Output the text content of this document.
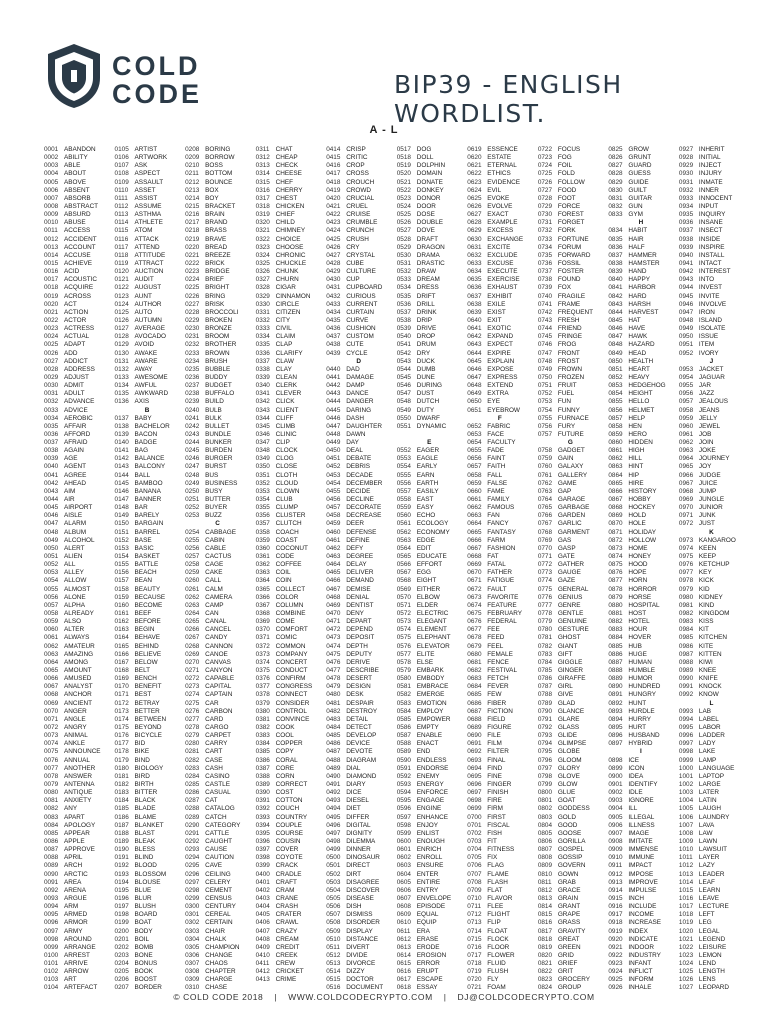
COLD
CODE	BIP39 - ENGLISH WORDLIST.
A - L
0001 ABANDON
0002 ABILITY
0003 ABLE
0004 ABOUT
0005 ABOVE
0006 ABSENT
0007 ABSORB
0008 ABSTRACT
0009 ABSURD
0010 ABUSE
0011 ACCESS
0012 ACCIDENT
0013 ACCOUNT
0014 ACCUSE
0015 ACHIEVE
0016 ACID
0017 ACOUSTIC
0018 ACQUIRE
0019 ACROSS
0020 ACT
0021 ACTION
0022 ACTOR
0023 ACTRESS
0024 ACTUAL
0025 ADAPT
0026 ADD
0027 ADDICT
0028 ADDRESS
0029 ADJUST
0030 ADMIT
0031 ADULT
0032 ADVANCE
0033 ADVICE
0034 AEROBIC
0035 AFFAIR
0036 AFFORD
0037 AFRAID
0038 AGAIN
0039 AGE
0040 AGENT
0041 AGREE
0042 AHEAD
0043 AIM
0044 AIR
0045 AIRPORT
0046 AISLE
0047 ALARM
0048 ALBUM
0049 ALCOHOL
0050 ALERT
0051 ALIEN
0052 ALL
0053 ALLEY
0054 ALLOW
0055 ALMOST
0056 ALONE
0057 ALPHA
0058 ALREADY
0059 ALSO
0060 ALTER
0061 ALWAYS
0062 AMATEUR
0063 AMAZING
0064 AMONG
0065 AMOUNT
0066 AMUSED
0067 ANALYST
0068 ANCHOR
0069 ANCIENT
0070 ANGER
0071 ANGLE
0072 ANGRY
0073 ANIMAL
0074 ANKLE
0075 ANNOUNCE
0076 ANNUAL
0077 ANOTHER
0078 ANSWER
0079 ANTENNA
0080 ANTIQUE
0081 ANXIETY
0082 ANY
0083 APART
0084 APOLOGY
0085 APPEAR
0086 APPLE
0087 APPROVE
0088 APRIL
0089 ARCH
0090 ARCTIC
0091 AREA
0092 ARENA
0093 ARGUE
0094 ARM
0095 ARMED
0096 ARMOR
0097 ARMY
0098 AROUND
0099 ARRANGE
0100 ARREST
0101 ARRIVE
0102 ARROW
0103 ART
0104 ARTEFACT
0105 ARTIST
0106 ARTWORK
0107 ASK
0108 ASPECT
0109 ASSAULT
0110 ASSET
0111	ASSIST
0112 ASSUME
0113 ASTHMA
0114 ATHLETE
0115 ATOM
0116 ATTACK
0117 ATTEND
0118 ATTITUDE
0119 ATTRACT
0120 AUCTION
0121 AUDIT
0122 AUGUST
0123 AUNT
0124 AUTHOR
0125 AUTO
0126 AUTUMN
0127 AVERAGE
0128 AVOCADO
0129 AVOID
0130 AWAKE
0131 AWARE
0132 AWAY
0133 AWESOME
0134 AWFUL
0135 AWKWARD
0136 AXIS
B
0137 BABY
0138 BACHELOR
0139 BACON
0140 BADGE
0141 BAG
0142 BALANCE
0143 BALCONY
0144 BALL
0145 BAMBOO
0146 BANANA
0147 BANNER
0148 BAR
0149 BARELY
0150 BARGAIN
0151 BARREL
0152 BASE
0153 BASIC
0154 BASKET
0155 BATTLE
0156 BEACH
0157 BEAN
0158 BEAUTY
0159 BECAUSE
0160 BECOME
0161 BEEF
0162 BEFORE
0163 BEGIN
0164 BEHAVE
0165 BEHIND
0166 BELIEVE
0167 BELOW
0168 BELT
0169 BENCH
0170 BENEFIT
0171 BEST
0172 BETRAY
0173 BETTER
0174 BETWEEN
0175 BEYOND
0176 BICYCLE
0177 BID
0178 BIKE
0179 BIND
0180 BIOLOGY
0181 BIRD
0182 BIRTH
0183 BITTER
0184 BLACK
0185 BLADE
0186 BLAME
0187 BLANKET
0188 BLAST
0189 BLEAK
0190 BLESS
0191 BLIND
0192 BLOOD
0193 BLOSSOM
0194 BLOUSE
0195 BLUE
0196 BLUR
0197 BLUSH
0198 BOARD
0199 BOAT
0200 BODY
0201 BOIL
0202 BOMB
0203 BONE
0204 BONUS
0205 BOOK
0206 BOOST
0207 BORDER
0208 BORING
0209 BORROW
0210 BOSS
0211 BOTTOM
0212 BOUNCE
0213 BOX
0214 BOY
0215 BRACKET
0216 BRAIN
0217 BRAND
0218 BRASS
0219 BRAVE
0220 BREAD
0221 BREEZE
0222 BRICK
0223 BRIDGE
0224 BRIEF
0225 BRIGHT
0226 BRING
0227 BRISK
0228 BROCCOLI
0229 BROKEN
0230 BRONZE
0231 BROOM
0232 BROTHER
0233 BROWN
0234 BRUSH
0235 BUBBLE
0236 BUDDY
0237 BUDGET
0238 BUFFALO
0239 BUILD
0240 BULB
0241 BULK
0242 BULLET
0243 BUNDLE
0244 BUNKER
0245 BURDEN
0246 BURGER
0247 BURST
0248 BUS
0249 BUSINESS
0250 BUSY
0251 BUTTER
0252 BUYER
0253 BUZZ
C
0254 CABBAGE
0255 CABIN
0256 CABLE
0257 CACTUS
0258 CAGE
0259 CAKE
0260 CALL
0261 CALM
0262 CAMERA
0263 CAMP
0264 CAN
0265 CANAL
0266 CANCEL
0267 CANDY
0268 CANNON
0269 CANOE
0270 CANVAS
0271 CANYON
0272 CAPABLE
0273 CAPITAL
0274 CAPTAIN
0275 CAR
0276 CARBON
0277 CARD
0278 CARGO
0279 CARPET
0280 CARRY
0281 CART
0282 CASE
0283 CASH
0284 CASINO
0285 CASTLE
0286 CASUAL
0287 CAT
0288 CATALOG
0289 CATCH
0290 CATEGORY
0291 CATTLE
0292 CAUGHT
0293 CAUSE
0294 CAUTION
0295 CAVE
0296 CEILING
0297 CELERY
0298 CEMENT
0299 CENSUS
0300 CENTURY
0301 CEREAL
0302 CERTAIN
0303 CHAIR
0304 CHALK
0305 CHAMPION
0306 CHANGE
0307 CHAOS
0308 CHAPTER
0309 CHARGE
0310 CHASE
0311 CHAT
0312 CHEAP
0313 CHECK
0314 CHEESE
0315 CHEF
0316 CHERRY
0317 CHEST
0318 CHICKEN
0319 CHIEF
0320 CHILD
0321 CHIMNEY
0322 CHOICE
0323 CHOOSE
0324 CHRONIC
0325 CHUCKLE
0326 CHUNK
0327 CHURN
0328 CIGAR
0329 CINNAMON
0330 CIRCLE
0331 CITIZEN
0332 CITY
0333 CIVIL
0334 CLAIM
0335 CLAP
0336 CLARIFY
0337 CLAW
0338 CLAY
0339 CLEAN
0340 CLERK
0341 CLEVER
0342 CLICK
0343 CLIENT
0344 CLIFF
0345 CLIMB
0346 CLINIC
0347 CLIP
0348 CLOCK
0349 CLOG
0350 CLOSE
0351 CLOTH
0352 CLOUD
0353 CLOWN
0354 CLUB
0355 CLUMP
0356 CLUSTER
0357 CLUTCH
0358 COACH
0359 COAST
0360 COCONUT
0361 CODE
0362 COFFEE
0363 COIL
0364 COIN
0365 COLLECT
0366 COLOR
0367 COLUMN
0368 COMBINE
0369 COME
0370 COMFORT
0371 COMIC
0372 COMMON
0373 COMPANY
0374 CONCERT
0375 CONDUCT
0376 CONFIRM
0377 CONGRESS
0378 CONNECT
0379 CONSIDER
0380 CONTROL
0381 CONVINCE
0382 COOK
0383 COOL
0384 COPPER
0385 COPY
0386 CORAL
0387 CORE
0388 CORN
0389 CORRECT
0390 COST
0391 COTTON
0392 COUCH
0393 COUNTRY
0394 COUPLE
0395 COURSE
0396 COUSIN
0397 COVER
0398 COYOTE
0399 CRACK
0400 CRADLE
0401 CRAFT
0402 CRAM
0403 CRANE
0404 CRASH
0405 CRATER
0406 CRAWL
0407 CRAZY
0408 CREAM
0409 CREDIT
0410 CREEK
0411 CREW
0412 CRICKET
0413 CRIME
0414 CRISP
0415 CRITIC
0416 CROP
0417 CROSS
0418 CROUCH
0419 CROWD
0420 CRUCIAL
0421 CRUEL
0422 CRUISE
0423 CRUMBLE
0424 CRUNCH
0425 CRUSH
0426 CRY
0427 CRYSTAL
0428 CUBE
0429 CULTURE
0430 CUP
0431 CUPBOARD
0432 CURIOUS
0433 CURRENT
0434 CURTAIN
0435 CURVE
0436 CUSHION
0437 CUSTOM
0438 CUTE
0439 CYCLE
D
0440 DAD
0441 DAMAGE
0442 DAMP
0443 DANCE
0444 DANGER
0445 DARING
0446 DASH
0447 DAUGHTER
0448 DAWN
0449 DAY
0450 DEAL
0451 DEBATE
0452 DEBRIS
0453 DECADE
0454 DECEMBER
0455 DECIDE
0456 DECLINE
0457 DECORATE
0458 DECREASE
0459 DEER
0460 DEFENSE
0461 DEFINE
0462 DEFY
0463 DEGREE
0464 DELAY
0465 DELIVER
0466 DEMAND
0467 DEMISE
0468 DENIAL
0469 DENTIST
0470 DENY
0471 DEPART
0472 DEPEND
0473 DEPOSIT
0474 DEPTH
0475 DEPUTY
0476 DERIVE
0477 DESCRIBE
0478 DESERT
0479 DESIGN
0480 DESK
0481 DESPAIR
0482 DESTROY
0483 DETAIL
0484 DETECT
0485 DEVELOP
0486 DEVICE
0487 DEVOTE
0488 DIAGRAM
0489 DIAL
0490 DIAMOND
0491 DIARY
0492 DICE
0493 DIESEL
0494 DIET
0495 DIFFER
0496 DIGITAL
0497 DIGNITY
0498 DILEMMA
0499 DINNER
0500 DINOSAUR
0501 DIRECT
0502 DIRT
0503 DISAGREE
0504 DISCOVER
0505 DISEASE
0506 DISH
0507 DISMISS
0508 DISORDER
0509 DISPLAY
0510 DISTANCE
0511 DIVERT
0512 DIVIDE
0513 DIVORCE
0514 DIZZY
0515 DOCTOR
0516 DOCUMENT
0517 DOG
0518 DOLL
0519 DOLPHIN
0520 DOMAIN
0521 DONATE
0522 DONKEY
0523 DONOR
0524 DOOR
0525 DOSE
0526 DOUBLE
0527 DOVE
0528 DRAFT
0529 DRAGON
0530 DRAMA
0531 DRASTIC
0532 DRAW
0533 DREAM
0534 DRESS
0535 DRIFT
0536 DRILL
0537 DRINK
0538 DRIP
0539 DRIVE
0540 DROP
0541 DRUM
0542 DRY
0543 DUCK
0544 DUMB
0545 DUNE
0546 DURING
0547 DUST
0548 DUTCH
0549 DUTY
0550 DWARF
0551 DYNAMIC
E
0552 EAGER
0553 EAGLE
0554 EARLY
0555 EARN
0556 EARTH
0557 EASILY
0558 EAST
0559 EASY
0560 ECHO
0561 ECOLOGY
0562 ECONOMY
0563 EDGE
0564 EDIT
0565 EDUCATE
0566 EFFORT
0567 EGG
0568 EIGHT
0569 EITHER
0570 ELBOW
0571 ELDER
0572 ELECTRIC
0573 ELEGANT
0574 ELEMENT
0575 ELEPHANT
0576 ELEVATOR
0577 ELITE
0578 ELSE
0579 EMBARK
0580 EMBODY
0581 EMBRACE
0582 EMERGE
0583 EMOTION
0584 EMPLOY
0585 EMPOWER
0586 EMPTY
0587 ENABLE
0588 ENACT
0589 END
0590 ENDLESS
0591 ENDORSE
0592 ENEMY
0593 ENERGY
0594 ENFORCE
0595 ENGAGE
0596 ENGINE
0597 ENHANCE
0598 ENJOY
0599 ENLIST
0600 ENOUGH
0601 ENRICH
0602 ENROLL
0603 ENSURE
0604 ENTER
0605 ENTIRE
0606 ENTRY
0607 ENVELOPE
0608 EPISODE
0609 EQUAL
0610 EQUIP
0611 ERA
0612 ERASE
0613 ERODE
0614 EROSION
0615 ERROR
0616 ERUPT
0617 ESCAPE
0618 ESSAY
0619 ESSENCE
0620 ESTATE
0621 ETERNAL
0622 ETHICS
0623 EVIDENCE
0624 EVIL
0625 EVOKE
0626 EVOLVE
0627 EXACT
0628 EXAMPLE
0629 EXCESS
0630 EXCHANGE
0631 EXCITE
0632 EXCLUDE
0633 EXCUSE
0634 EXECUTE
0635 EXERCISE
0636 EXHAUST
0637 EXHIBIT
0638 EXILE
0639 EXIST
0640 EXIT
0641 EXOTIC
0642 EXPAND
0643 EXPECT
0644 EXPIRE
0645 EXPLAIN
0646 EXPOSE
0647 EXPRESS
0648 EXTEND
0649 EXTRA
0650 EYE
0651 EYEBROW
F
0652 FABRIC
0653 FACE
0654 FACULTY
0655 FADE
0656 FAINT
0657 FAITH
0658 FALL
0659 FALSE
0660 FAME
0661 FAMILY
0662 FAMOUS
0663 FAN
0664 FANCY
0665 FANTASY
0666 FARM
0667 FASHION
0668 FAT
0669 FATAL
0670 FATHER
0671 FATIGUE
0672 FAULT
0673 FAVORITE
0674 FEATURE
0675 FEBRUARY
0676 FEDERAL
0677 FEE
0678 FEED
0679 FEEL
0680 FEMALE
0681 FENCE
0682 FESTIVAL
0683 FETCH
0684 FEVER
0685 FEW
0686 FIBER
0687 FICTION
0688 FIELD
0689 FIGURE
0690 FILE
0691 FILM
0692 FILTER
0693 FINAL
0694 FIND
0695 FINE
0696 FINGER
0697 FINISH
0698 FIRE
0699 FIRM
0700 FIRST
0701 FISCAL
0702 FISH
0703 FIT
0704 FITNESS
0705 FIX
0706 FLAG
0707 FLAME
0708 FLASH
0709 FLAT
0710 FLAVOR
0711 FLEE
0712 FLIGHT
0713 FLIP
0714 FLOAT
0715 FLOCK
0716 FLOOR
0717 FLOWER
0718 FLUID
0719 FLUSH
0720 FLY
0721 FOAM
0722 FOCUS
0723 FOG
0724 FOIL
0725 FOLD
0726 FOLLOW
0727 FOOD
0728 FOOT
0729 FORCE
0730 FOREST
0731 FORGET
0732 FORK
0733 FORTUNE
0734 FORUM
0735 FORWARD
0736 FOSSIL
0737 FOSTER
0738 FOUND
0739 FOX
0740 FRAGILE
0741 FRAME
0742 FREQUENT
0743 FRESH
0744 FRIEND
0745 FRINGE
0746 FROG
0747 FRONT
0748 FROST
0749 FROWN
0750 FROZEN
0751 FRUIT
0752 FUEL
0753 FUN
0754 FUNNY
0755 FURNACE
0756 FURY
0757 FUTURE
G
0758 GADGET
0759 GAIN
0760 GALAXY
0761 GALLERY
0762 GAME
0763 GAP
0764 GARAGE
0765 GARBAGE
0766 GARDEN
0767 GARLIC
0768 GARMENT
0769 GAS
0770 GASP
0771 GATE
0772 GATHER
0773 GAUGE
0774 GAZE
0775 GENERAL
0776 GENIUS
0777 GENRE
0778 GENTLE
0779 GENUINE
0780 GESTURE
0781 GHOST
0782 GIANT
0783 GIFT
0784 GIGGLE
0785 GINGER
0786 GIRAFFE
0787 GIRL
0788 GIVE
0789 GLAD
0790 GLANCE
0791 GLARE
0792 GLASS
0793 GLIDE
0794 GLIMPSE
0795 GLOBE
0796 GLOOM
0797 GLORY
0798 GLOVE
0799 GLOW
0800 GLUE
0801 GOAT
0802 GODDESS
0803 GOLD
0804 GOOD
0805 GOOSE
0806 GORILLA
0807 GOSPEL
0808 GOSSIP
0809 GOVERN
0810 GOWN
0811 GRAB
0812 GRACE
0813 GRAIN
0814 GRANT
0815 GRAPE
0816 GRASS
0817 GRAVITY
0818 GREAT
0819 GREEN
0820 GRID
0821 GRIEF
0822 GRIT
0823 GROCERY
0824 GROUP
0825 GROW
0826 GRUNT
0827 GUARD
0828 GUESS
0829 GUIDE
0830 GUILT
0831 GUITAR
0832 GUN
0833 GYM
H
0834 HABIT
0835 HAIR
0836 HALF
0837 HAMMER
0838 HAMSTER
0839 HAND
0840 HAPPY
0841 HARBOR
0842 HARD
0843 HARSH
0844 HARVEST
0845 HAT
0846 HAVE
0847 HAWK
0848 HAZARD
0849 HEAD
0850 HEALTH
0851 HEART
0852 HEAVY
0853 HEDGEHOG
0854 HEIGHT
0855 HELLO
0856 HELMET
0857 HELP
0858 HEN
0859 HERO
0860 HIDDEN
0861 HIGH
0862 HILL
0863 HINT
0864 HIP
0865 HIRE
0866 HISTORY
0867 HOBBY
0868 HOCKEY
0869 HOLD
0870 HOLE
0871 HOLIDAY
0872 HOLLOW
0873 HOME
0874 HONEY
0875 HOOD
0876 HOPE
0877 HORN
0878 HORROR
0879 HORSE
0880 HOSPITAL
0881 HOST
0882 HOTEL
0883 HOUR
0884 HOVER
0885 HUB
0886 HUGE
0887 HUMAN
0888 HUMBLE
0889 HUMOR
0890 HUNDRED
0891 HUNGRY
0892 HUNT
0893 HURDLE
0894 HURRY
0895 HURT
0896 HUSBAND
0897 HYBRID
I
0898 ICE
0899 ICON
0900 IDEA
0901 IDENTIFY
0902 IDLE
0903 IGNORE
0904 ILL
0905 ILLEGAL
0906 ILLNESS
0907 IMAGE
0908 IMITATE
0909 IMMENSE
0910 IMMUNE
0911 IMPACT
0912 IMPOSE
0913 IMPROVE
0914 IMPULSE
0915 INCH
0916 INCLUDE
0917 INCOME
0918 INCREASE
0919 INDEX
0920 INDICATE
0921 INDOOR
0922 INDUSTRY
0923 INFANT
0924 INFLICT
0925 INFORM
0926 INHALE
0927 INHERIT
0928 INITIAL
0929 INJECT
0930 INJURY
0931 INMATE
0932 INNER
0933 INNOCENT
0934 INPUT
0935 INQUIRY
0936 INSANE
0937 INSECT
0938 INSIDE
0939 INSPIRE
0940 INSTALL
0941 INTACT
0942 INTEREST
0943 INTO
0944 INVEST
0945 INVITE
0946 INVOLVE
0947 IRON
0948 ISLAND
0949 ISOLATE
0950 ISSUE
0951 ITEM
0952 IVORY
J
0953 JACKET
0954 JAGUAR
0955 JAR
0956 JAZZ
0957 JEALOUS
0958 JEANS
0959 JELLY
0960 JEWEL
0961 JOB
0962 JOIN
0963 JOKE
0964 JOURNEY
0965 JOY
0966 JUDGE
0967 JUICE
0968 JUMP
0969 JUNGLE
0970 JUNIOR
0971 JUNK
0972 JUST
K
0973 KANGAROO
0974 KEEN
0975 KEEP
0976 KETCHUP
0977 KEY
0978 KICK
0979 KID
0980 KIDNEY
0981 KIND
0982 KINGDOM
0983 KISS
0984 KIT
0985 KITCHEN
0986 KITE
0987 KITTEN
0988 KIWI
0989 KNEE
0990 KNIFE
0991 KNOCK
0992 KNOW
L
0993 LAB
0994 LABEL
0995 LABOR
0996 LADDER
0997 LADY
0998 LAKE
0999 LAMP
1000 LANGUAGE
1001 LAPTOP
1002 LARGE
1003 LATER
1004 LATIN
1005 LAUGH
1006 LAUNDRY
1007 LAVA
1008 LAW
1009 LAWN
1010 LAWSUIT
1011 LAYER
1012 LAZY
1013 LEADER
1014 LEAF
1015 LEARN
1016 LEAVE
1017 LECTURE
1018 LEFT
1019 LEG
1020 LEGAL
1021 LEGEND
1022 LEISURE
1023 LEMON
1024 LEND
1025 LENGTH
1026 LENS
1027 LEOPARD
© COLD CODE 2018 | WWW.COLDCODECRYPTO.COM | DJ@COLDCODECRYPTO.COM
